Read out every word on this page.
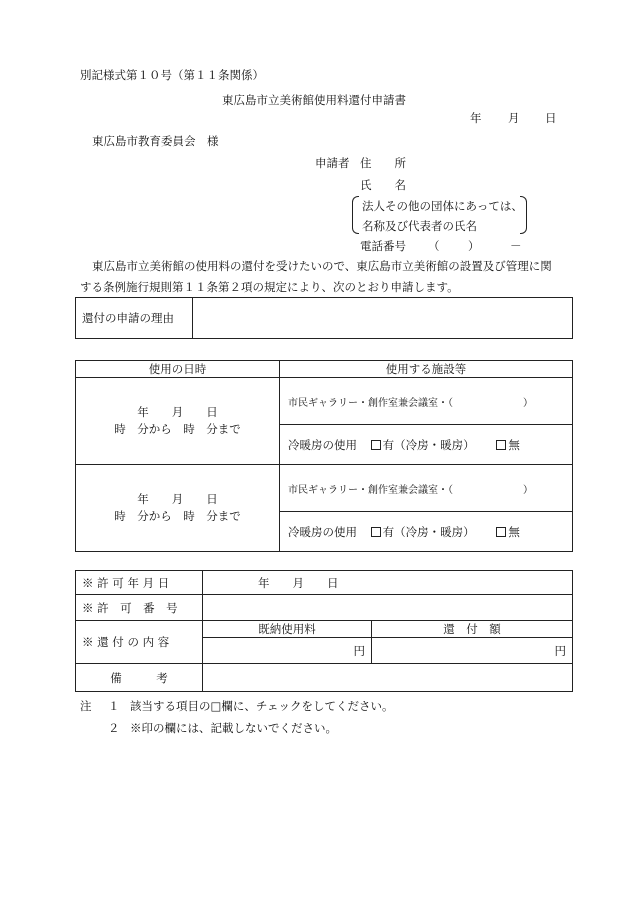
別記様式第１０号（第１１条関係）
東広島市立美術館使用料還付申請書
年 月 日
東広島市教育委員会　様
申請者 住　　所
氏　　名
法人その他の団体にあっては、
名称及び代表者の氏名
電話番号 （ ）	－
東広島市立美術館の使用料の還付を受けたいので、東広島市立美術館の設置及び管理に関
する条例施行規則第１１条第２項の規定により、次のとおり申請します。
還付の申請の理由	
使用の日時	使用する施設等

年　　月　　日
時　分から　時　分まで	市民ギャラリー・創作室兼会議室・（ ）
	冷暖房の使用 有（冷房・暖房） 無

年　　月　　日
時　分から　時　分まで	市民ギャラリー・創作室兼会議室・（ ）
	冷暖房の使用 有（冷房・暖房） 無
※ 許 可 年 月 日	年　　月　　日	
※ 許　可　番　号		
※ 還 付 の 内 容	既納使用料	還　付　額
	円	円
備　　　考		
注 １ 該当する項目の□欄に、チェックをしてください。
２ ※印の欄には、記載しないでください。
